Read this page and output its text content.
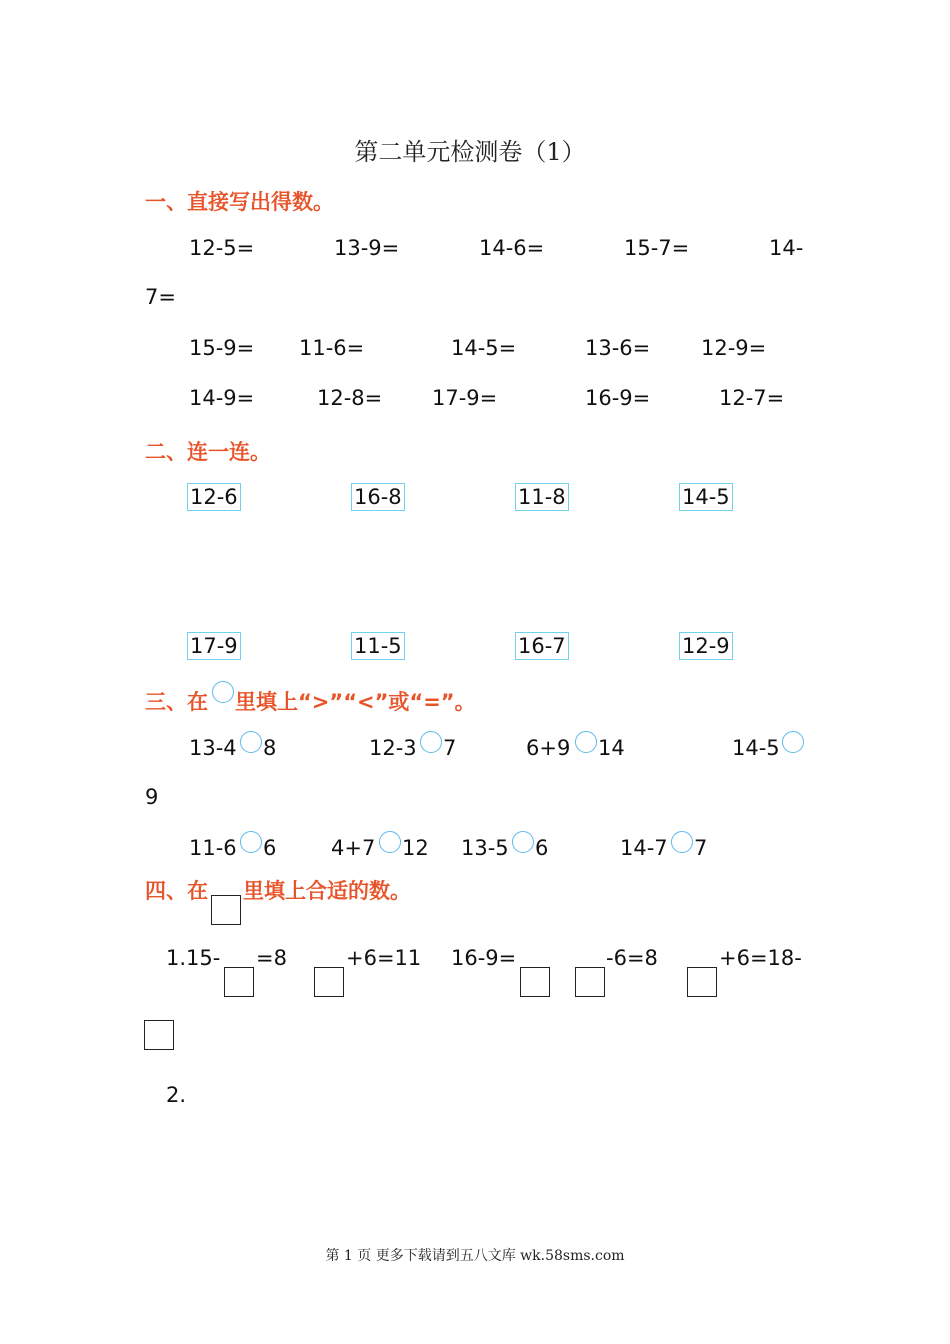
第二单元检测卷（1）
一、直接写出得数。
12-5=	13-9=	14-6=	15-7=	14-
7=
15-9= 11-6=	14-5=	13-6= 12-9=
14-9=	12-8= 17-9=	16-9=	12-7=
二、连一连。
12-6	16-8	11-8	14-5
17-9	11-5	16-7	12-9
三、在 里填上“>”“<”或“=”。
13-4 8	12-3 7	6+9 14	14-5
9
11-6 6	4+7 12 13-5 6	14-7 7
四、在 里填上合适的数。
1.15- =8	+6=11 16-9=	-6=8	+6=18-
2.
第 1 页 更多下载请到五八文库 wk.58sms.com
